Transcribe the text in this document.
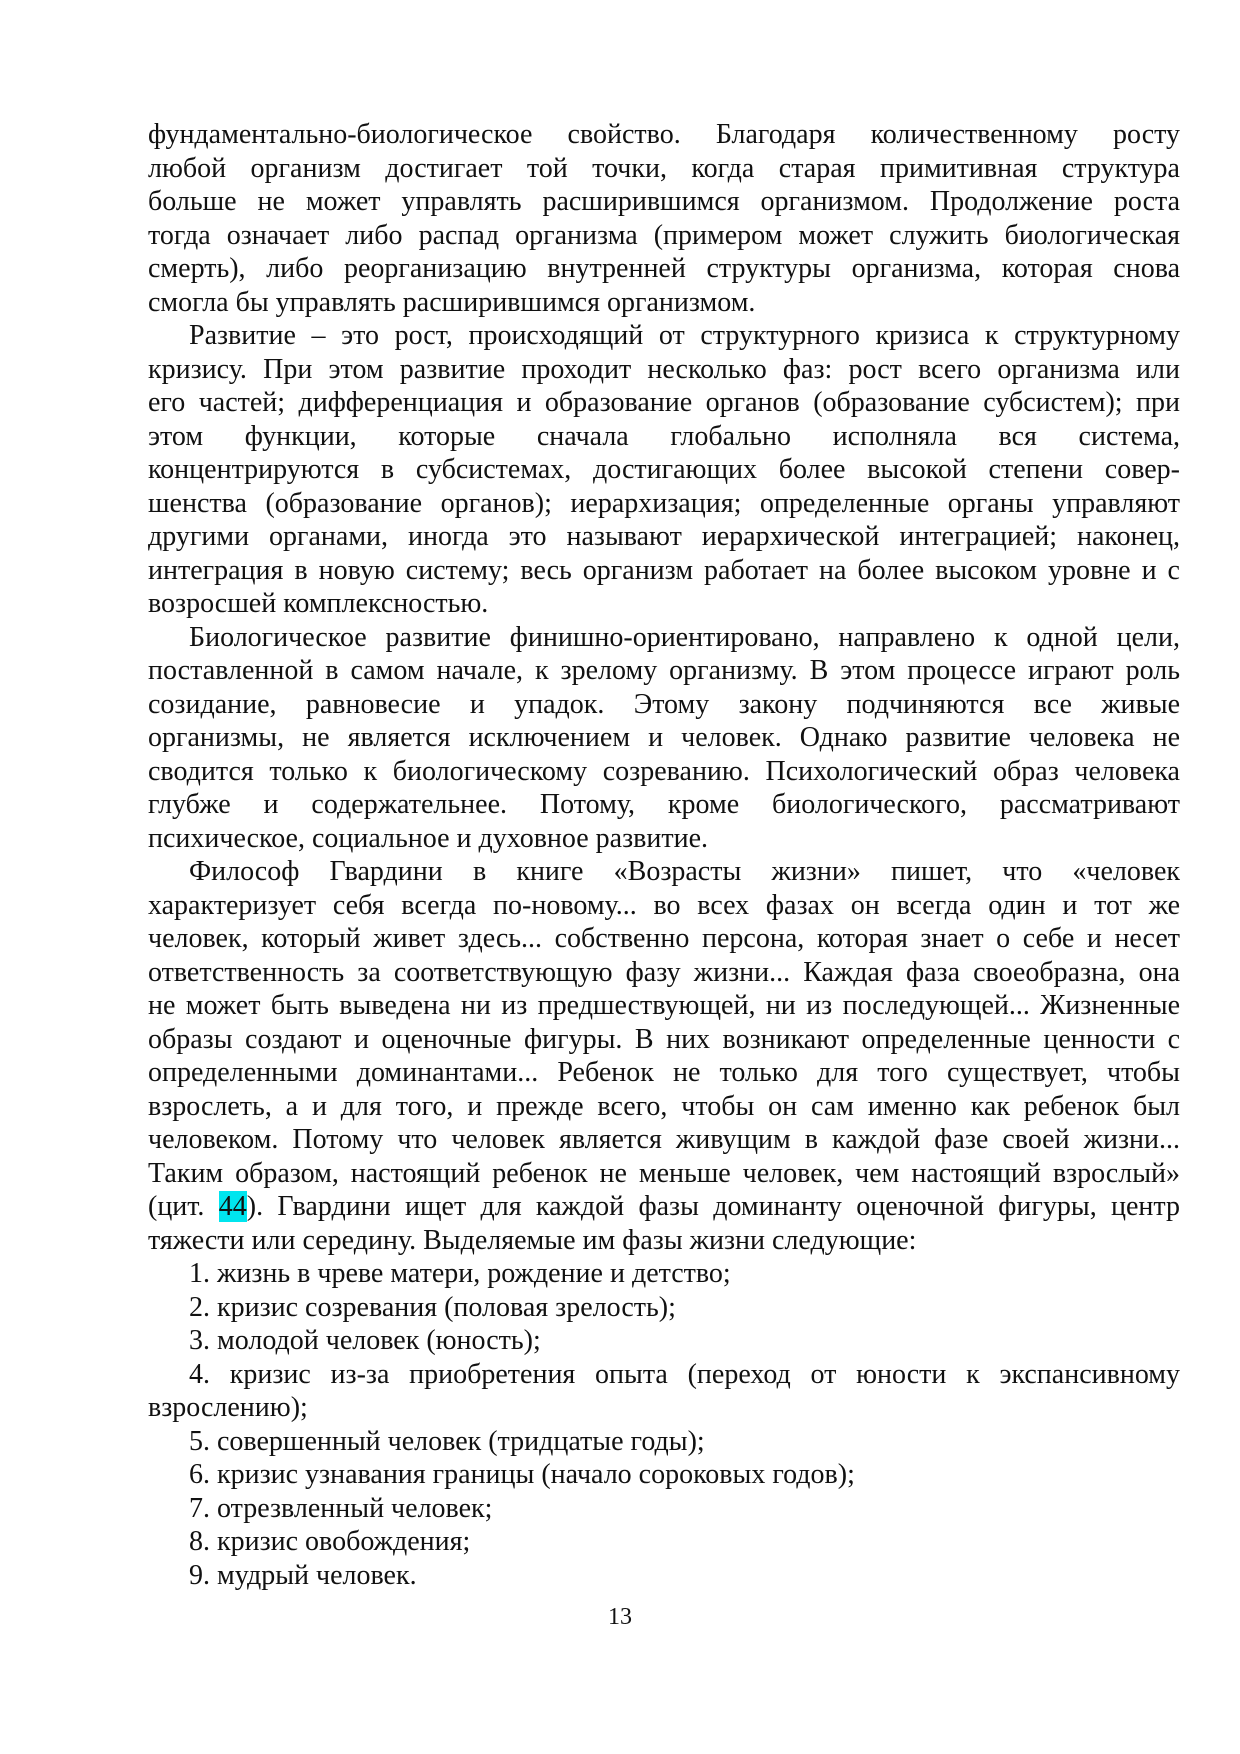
фундаментально-биологическое свойство. Благодаря количественному росту
любой организм достигает той точки, когда старая примитивная структура
больше не может управлять расширившимся организмом. Продолжение роста
тогда означает либо распад организма (примером может служить биологическая
смерть), либо реорганизацию внутренней структуры организма, которая снова
смогла бы управлять расширившимся организмом.
Развитие – это рост, происходящий от структурного кризиса к структурному
кризису. При этом развитие проходит несколько фаз: рост всего организма или
его частей; дифференциация и образование органов (образование субсистем); при
этом функции, которые сначала глобально исполняла вся система,
концентрируются в субсистемах, достигающих более высокой степени совер-
шенства (образование органов); иерархизация; определенные органы управляют
другими органами, иногда это называют иерархической интеграцией; наконец,
интеграция в новую систему; весь организм работает на более высоком уровне и с
возросшей комплексностью.
Биологическое развитие финишно-ориентировано, направлено к одной цели,
поставленной в самом начале, к зрелому организму. В этом процессе играют роль
созидание, равновесие и упадок. Этому закону подчиняются все живые
организмы, не является исключением и человек. Однако развитие человека не
сводится только к биологическому созреванию. Психологический образ человека
глубже и содержательнее. Потому, кроме биологического, рассматривают
психическое, социальное и духовное развитие.
Философ Гвардини в книге «Возрасты жизни» пишет, что «человек
характеризует себя всегда по-новому... во всех фазах он всегда один и тот же
человек, который живет здесь... собственно персона, которая знает о себе и несет
ответственность за соответствующую фазу жизни... Каждая фаза своеобразна, она
не может быть выведена ни из предшествующей, ни из последующей... Жизненные
образы создают и оценочные фигуры. В них возникают определенные ценности с
определенными доминантами... Ребенок не только для того существует, чтобы
взрослеть, а и для того, и прежде всего, чтобы он сам именно как ребенок был
человеком. Потому что человек является живущим в каждой фазе своей жизни...
Таким образом, настоящий ребенок не меньше человек, чем настоящий взрослый»
(цит. 44). Гвардини ищет для каждой фазы доминанту оценочной фигуры, центр
тяжести или середину. Выделяемые им фазы жизни следующие:
1. жизнь в чреве матери, рождение и детство;
2. кризис созревания (половая зрелость);
3. молодой человек (юность);
4. кризис из-за приобретения опыта (переход от юности к экспансивному
взрослению);
5. совершенный человек (тридцатые годы);
6. кризис узнавания границы (начало сороковых годов);
7. отрезвленный человек;
8. кризис овобождения;
9. мудрый человек.
13
